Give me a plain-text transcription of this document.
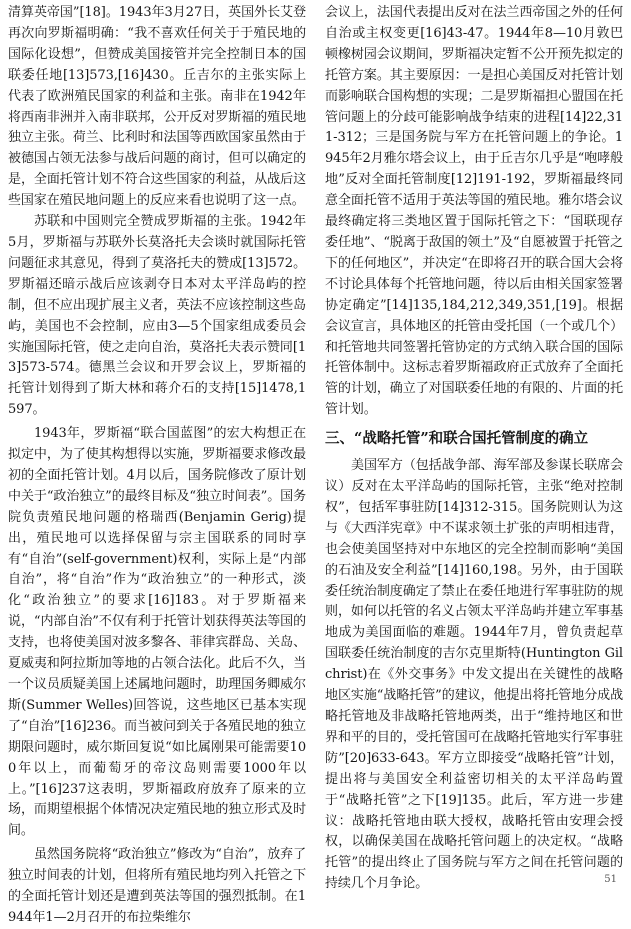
清算英帝国”[18]。1943年3月27日，英国外长艾登再次向罗斯福明确：“我不喜欢任何关于于殖民地的国际化设想”，但赞成美国接管并完全控制日本的国联委任地[13]573,[16]430。丘吉尔的主张实际上代表了欧洲殖民国家的利益和主张。南非在1942年将西南非洲并入南非联邦，公开反对罗斯福的殖民地独立主张。荷兰、比利时和法国等西欧国家虽然由于被德国占领无法参与战后问题的商讨，但可以确定的是，全面托管计划不符合这些国家的利益，从战后这些国家在殖民地问题上的反应来看也说明了这一点。

苏联和中国则完全赞成罗斯福的主张。1942年5月，罗斯福与苏联外长莫洛托夫会谈时就国际托管问题征求其意见，得到了莫洛托夫的赞成[13]572。罗斯福还暗示战后应该剥夺日本对太平洋岛屿的控制，但不应出现扩展主义者，英法不应该控制这些岛屿，美国也不会控制，应由3—5个国家组成委员会实施国际托管，使之走向自治，莫洛托夫表示赞同[13]573-574。德黑兰会议和开罗会议上，罗斯福的托管计划得到了斯大林和蒋介石的支持[15]1478,1597。

1943年，罗斯福“联合国蓝图”的宏大构想正在拟定中，为了使其构想得以实施，罗斯福要求修改最初的全面托管计划。4月以后，国务院修改了原计划中关于“政治独立”的最终目标及“独立时间表”。国务院负责殖民地问题的格瑞西(Benjamin Gerig)提出，殖民地可以选择保留与宗主国联系的同时享有“自治”(self-government)权利，实际上是“内部自治”，将“自治”作为“政治独立”的一种形式，淡化“政治独立”的要求[16]183。对于罗斯福来说，“内部自治”不仅有利于托管计划获得英法等国的支持，也将使美国对波多黎各、菲律宾群岛、关岛、夏威夷和阿拉斯加等地的占领合法化。此后不久，当一个议员质疑美国上述属地问题时，助理国务卿威尔斯(Summer Welles)回答说，这些地区已基本实现了“自治”[16]236。而当被问到关于各殖民地的独立期限问题时，威尔斯回复说“如比属刚果可能需要100年以上，而葡萄牙的帝汶岛则需要1000年以上。”[16]237这表明，罗斯福政府放弃了原来的立场，而期望根据个体情况决定殖民地的独立形式及时间。

虽然国务院将“政治独立”修改为“自治”，放弃了独立时间表的计划，但将所有殖民地均列入托管之下的全面托管计划还是遭到英法等国的强烈抵制。在1944年1—2月召开的布拉柴维尔

会议上，法国代表提出反对在法兰西帝国之外的任何自治或主权变更[16]43-47。1944年8—10月敦巴顿橡树园会议期间，罗斯福决定暂不公开预先拟定的托管方案。其主要原因：一是担心美国反对托管计划而影响联合国构想的实现；二是罗斯福担心盟国在托管问题上的分歧可能影响战争结束的进程[14]22,311-312；三是国务院与军方在托管问题上的争论。1945年2月雅尔塔会议上，由于丘吉尔几乎是“咆哮般地”反对全面托管制度[12]191-192，罗斯福最终同意全面托管不适用于英法等国的殖民地。雅尔塔会议最终确定将三类地区置于国际托管之下：“国联现存委任地”、“脱离于敌国的领土”及“自愿被置于托管之下的任何地区”，并决定“在即将召开的联合国大会将不讨论具体每个托管地问题，待以后由相关国家签署协定确定”[14]135,184,212,349,351,[19]。根据会议宣言，具体地区的托管由受托国（一个或几个）和托管地共同签署托管协定的方式纳入联合国的国际托管体制中。这标志着罗斯福政府正式放弃了全面托管的计划，确立了对国联委任地的有限的、片面的托管计划。

三、“战略托管”和联合国托管制度的确立

美国军方（包括战争部、海军部及参谋长联席会议）反对在太平洋岛屿的国际托管，主张“绝对控制权”，包括军事驻防[14]312-315。国务院则认为这与《大西洋宪章》中不谋求领土扩张的声明相违背，也会使美国坚持对中东地区的完全控制而影响“美国的石油及安全利益”[14]160,198。另外，由于国联委任统治制度确定了禁止在委任地进行军事驻防的规则，如何以托管的名义占领太平洋岛屿并建立军事基地成为美国面临的难题。1944年7月，曾负责起草国联委任统治制度的吉尔克里斯特(Huntington Gilchrist)在《外交事务》中发文提出在关键性的战略地区实施“战略托管”的建议，他提出将托管地分成战略托管地及非战略托管地两类，出于“维持地区和世界和平的目的，受托管国可在战略托管地实行军事驻防”[20]633-643。军方立即接受“战略托管”计划，提出将与美国安全利益密切相关的太平洋岛屿置于“战略托管”之下[19]135。此后，军方进一步建议：战略托管地由联大授权，战略托管由安理会授权，以确保美国在战略托管问题上的决定权。“战略托管”的提出终止了国务院与军方之间在托管问题的持续几个月争论。	51
